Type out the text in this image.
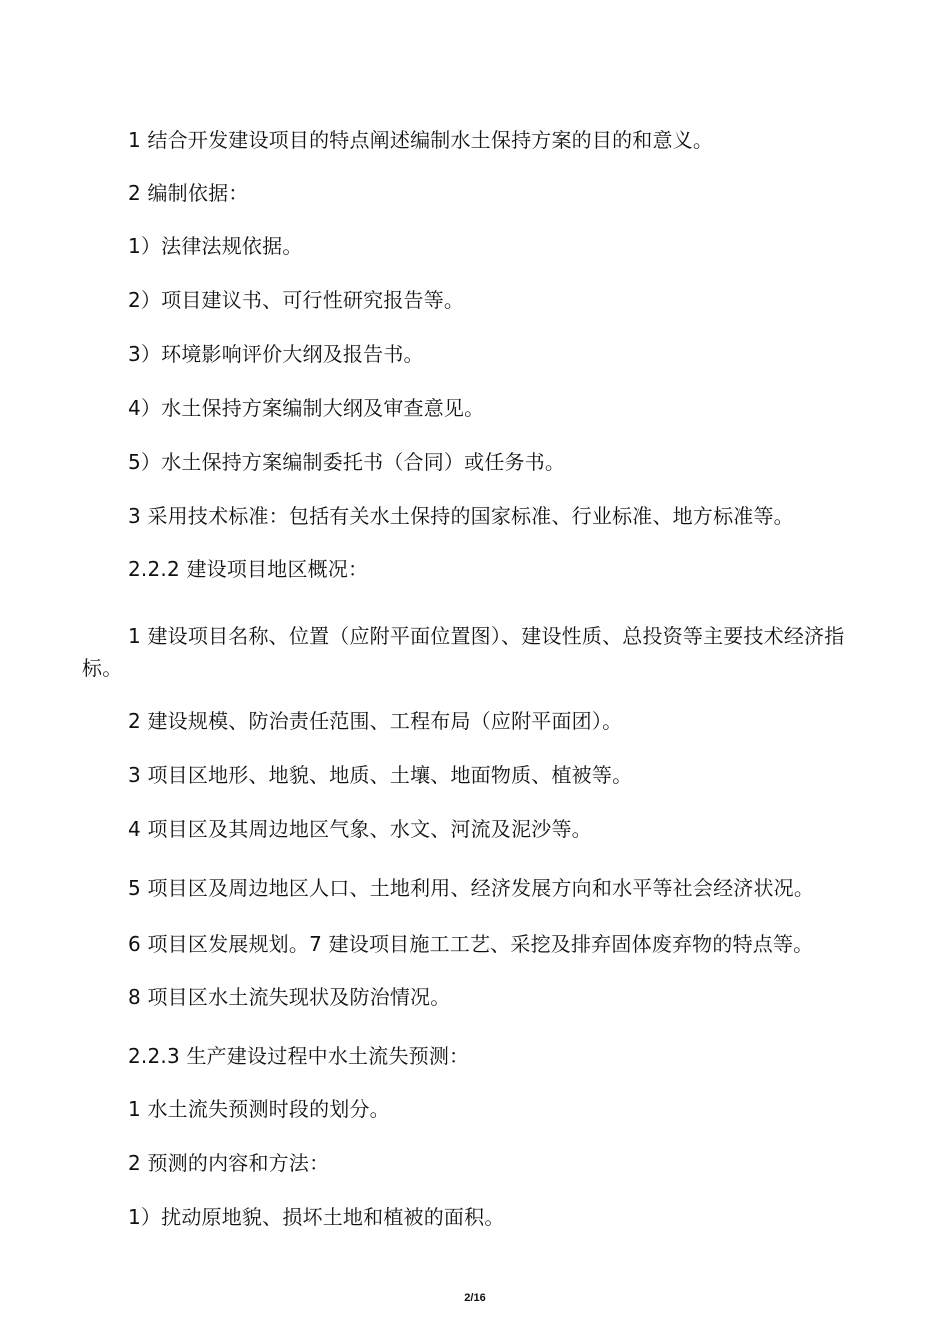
1 结合开发建设项目的特点阐述编制水土保持方案的目的和意义。
2 编制依据：
1）法律法规依据。
2）项目建议书、可行性研究报告等。
3）环境影响评价大纲及报告书。
4）水土保持方案编制大纲及审查意见。
5）水土保持方案编制委托书（合同）或任务书。
3 采用技术标准：包括有关水土保持的国家标准、行业标准、地方标准等。
2.2.2 建设项目地区概况：
1 建设项目名称、位置（应附平面位置图）、建设性质、总投资等主要技术经济指标。
2 建设规模、防治责任范围、工程布局（应附平面团）。
3 项目区地形、地貌、地质、土壤、地面物质、植被等。
4 项目区及其周边地区气象、水文、河流及泥沙等。
5 项目区及周边地区人口、土地利用、经济发展方向和水平等社会经济状况。
6 项目区发展规划。7 建设项目施工工艺、采挖及排弃固体废弃物的特点等。
8 项目区水土流失现状及防治情况。
2.2.3 生产建设过程中水土流失预测：
1 水土流失预测时段的划分。
2 预测的内容和方法：
1）扰动原地貌、损坏土地和植被的面积。
2/16
